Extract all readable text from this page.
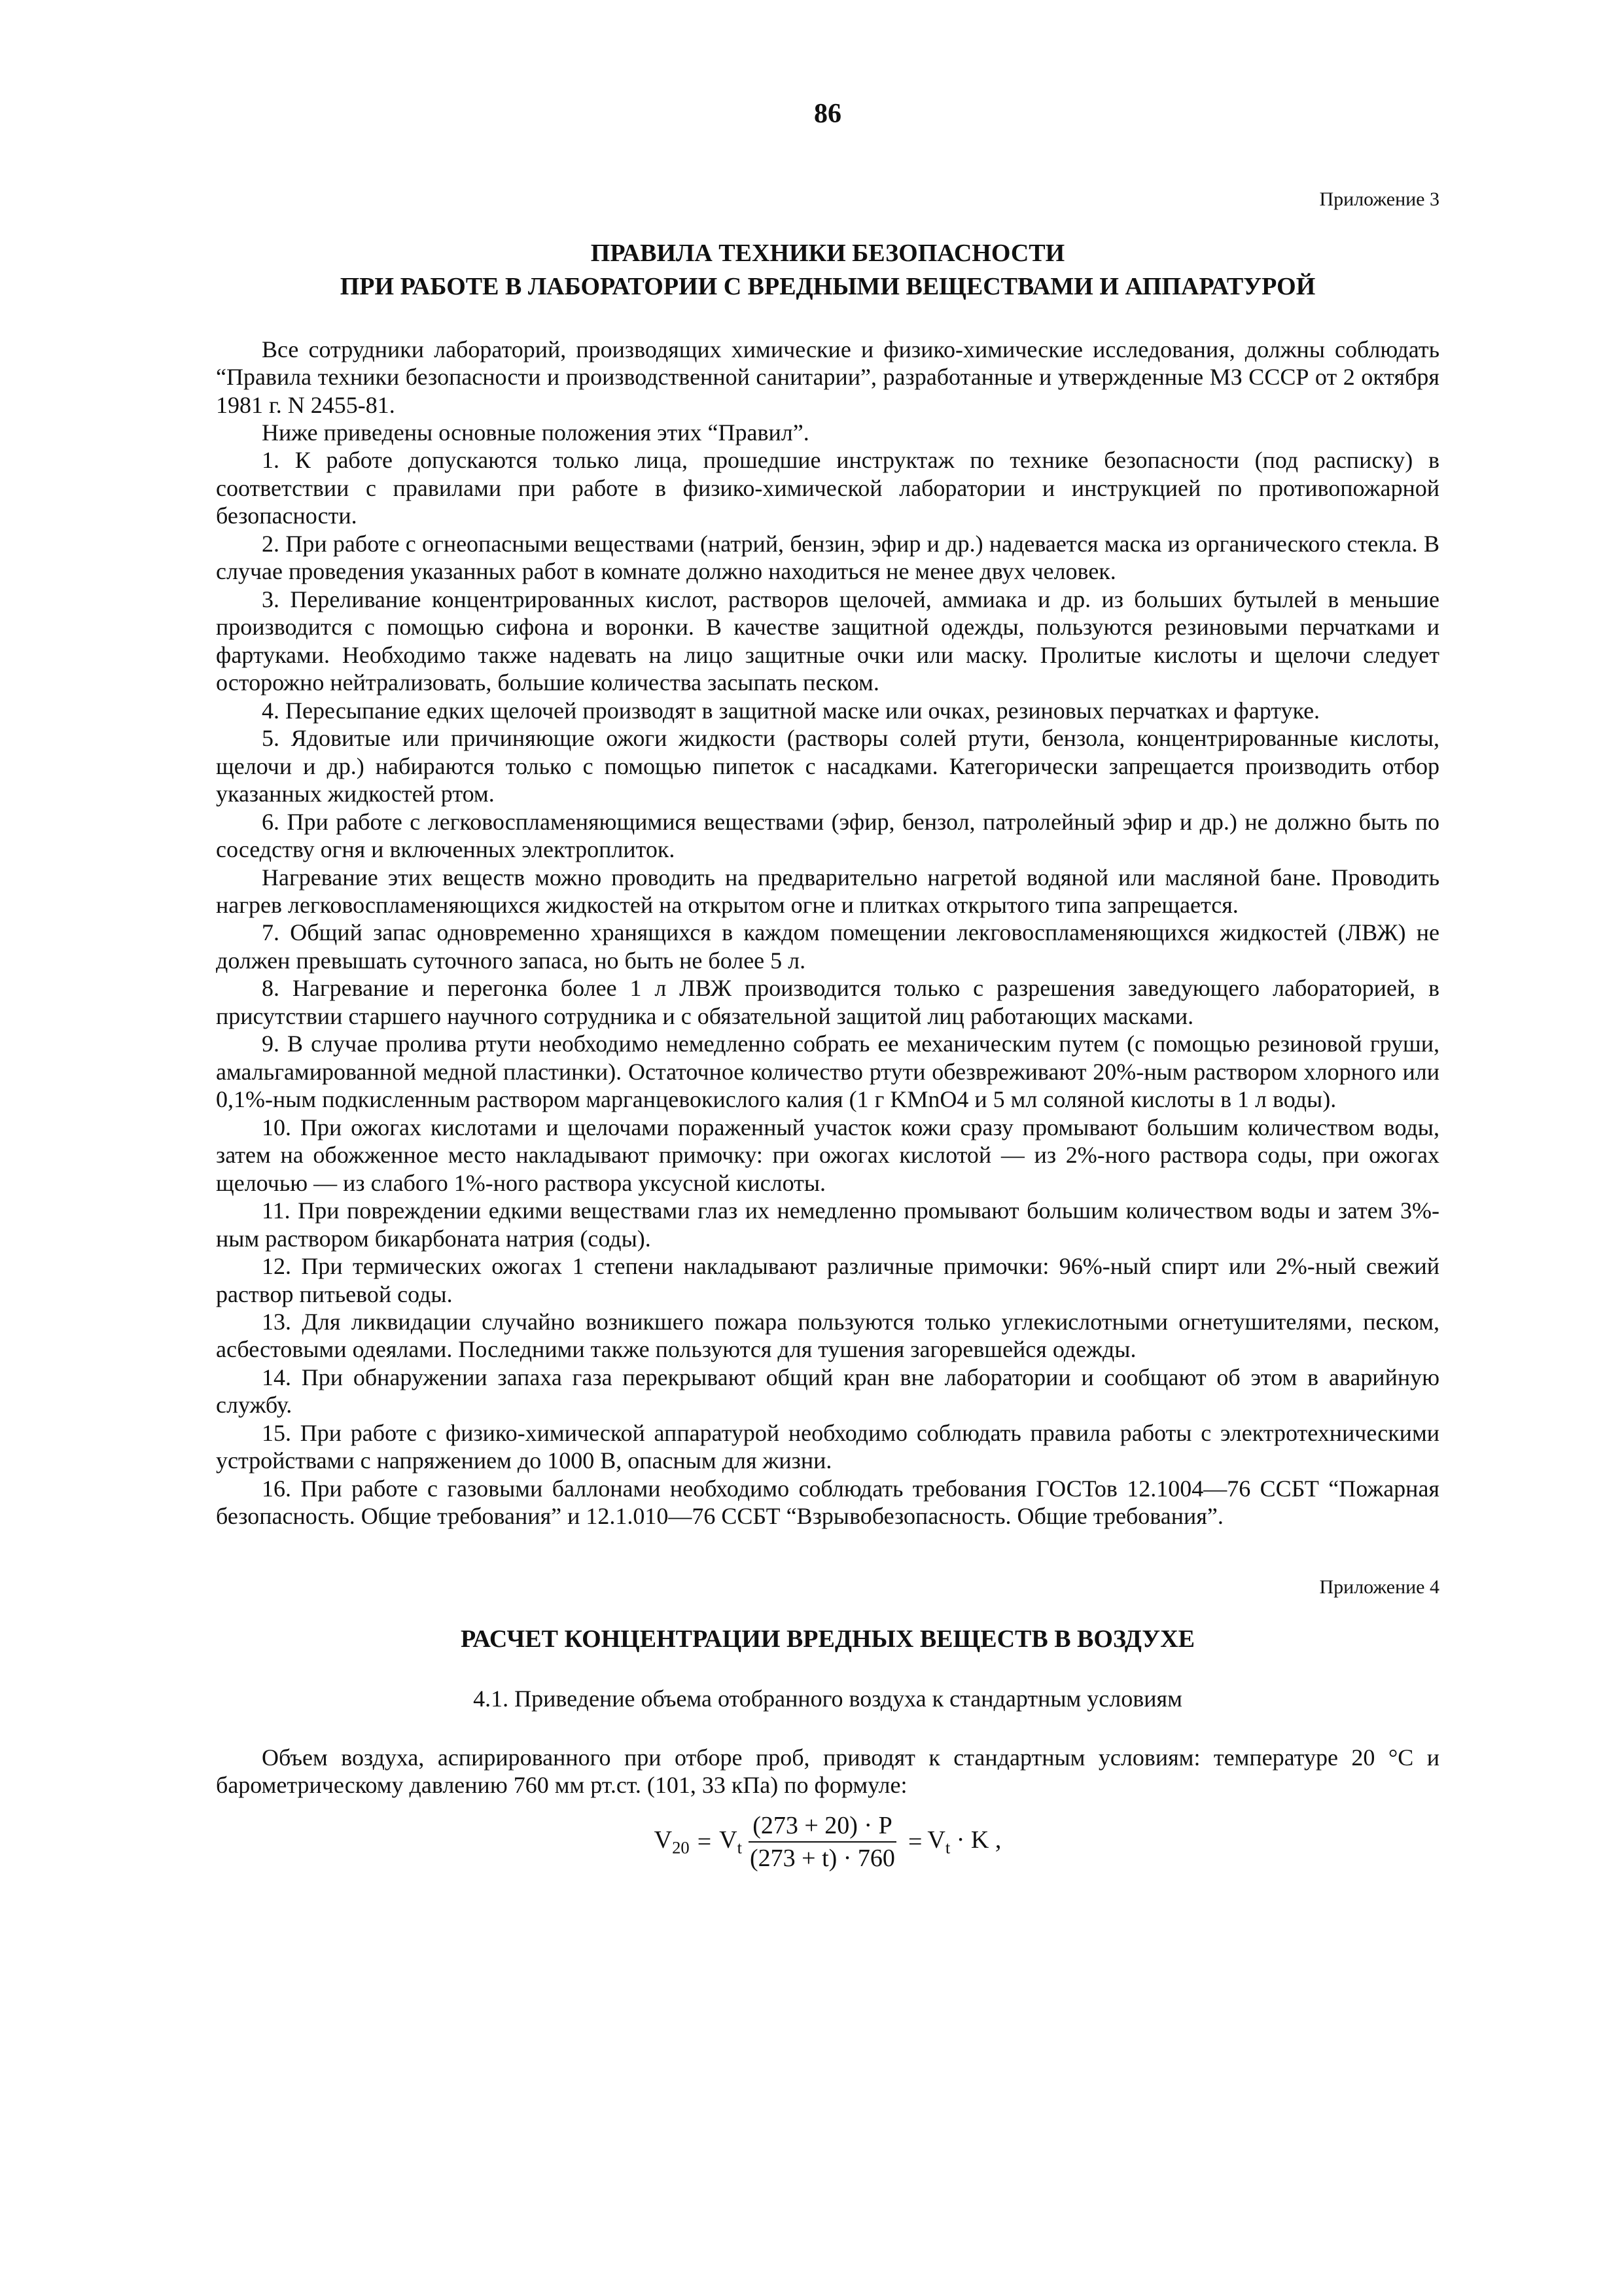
86
Приложение 3

ПРАВИЛА ТЕХНИКИ БЕЗОПАСНОСТИ

ПРИ РАБОТЕ В ЛАБОРАТОРИИ С ВРЕДНЫМИ ВЕЩЕСТВАМИ И АППАРАТУРОЙ

Все сотрудники лабораторий, производящих химические и физико-химические исследования, должны соблюдать “Правила техники безопасности и производственной санитарии”, разработанные и утвержденные МЗ СССР от 2 октября 1981 г. N 2455-81.

Ниже приведены основные положения этих “Правил”.

1. К работе допускаются только лица, прошедшие инструктаж по технике безопасности (под расписку) в соответствии с правилами при работе в физико-химической лаборатории и инструкцией по противопожарной безопасности.

2. При работе с огнеопасными веществами (натрий, бензин, эфир и др.) надевается маска из органического стекла. В случае проведения указанных работ в комнате должно находиться не менее двух человек.

3. Переливание концентрированных кислот, растворов щелочей, аммиака и др. из больших бутылей в меньшие производится с помощью сифона и воронки. В качестве защитной одежды, пользуются резиновыми перчатками и фартуками. Необходимо также надевать на лицо защитные очки или маску. Пролитые кислоты и щелочи следует осторожно нейтрализовать, большие количества засыпать песком.

4. Пересыпание едких щелочей производят в защитной маске или очках, резиновых перчатках и фартуке.

5. Ядовитые или причиняющие ожоги жидкости (растворы солей ртути, бензола, концентрированные кислоты, щелочи и др.) набираются только с помощью пипеток с насадками. Категорически запрещается производить отбор указанных жидкостей ртом.

6. При работе с легковоспламеняющимися веществами (эфир, бензол, патролейный эфир и др.) не должно быть по соседству огня и включенных электроплиток.

Нагревание этих веществ можно проводить на предварительно нагретой водяной или масляной бане. Проводить нагрев легковоспламеняющихся жидкостей на открытом огне и плитках открытого типа запрещается.

7. Общий запас одновременно хранящихся в каждом помещении лекговоспламеняющихся жидкостей (ЛВЖ) не должен превышать суточного запаса, но быть не более 5 л.

8. Нагревание и перегонка более 1 л ЛВЖ производится только с разрешения заведующего лабораторией, в присутствии старшего научного сотрудника и с обязательной защитой лиц работающих масками.

9. В случае пролива ртути необходимо немедленно собрать ее механическим путем (с помощью резиновой груши, амальгамированной медной пластинки). Остаточное количество ртути обезвреживают 20%-ным раствором хлорного или 0,1%-ным подкисленным раствором марганцевокислого калия (1 г KMnO4 и 5 мл соляной кислоты в 1 л воды).

10. При ожогах кислотами и щелочами пораженный участок кожи сразу промывают большим количеством воды, затем на обожженное место накладывают примочку: при ожогах кислотой — из 2%-ного раствора соды, при ожогах щелочью — из слабого 1%-ного раствора уксусной кислоты.

11. При повреждении едкими веществами глаз их немедленно промывают большим количеством воды и затем 3%-ным раствором бикарбоната натрия (соды).

12. При термических ожогах 1 степени накладывают различные примочки: 96%-ный спирт или 2%-ный свежий раствор питьевой соды.

13. Для ликвидации случайно возникшего пожара пользуются только углекислотными огнетушителями, песком, асбестовыми одеялами. Последними также пользуются для тушения загоревшейся одежды.

14. При обнаружении запаха газа перекрывают общий кран вне лаборатории и сообщают об этом в аварийную службу.

15. При работе с физико-химической аппаратурой необходимо соблюдать правила работы с электротехническими устройствами с напряжением до 1000 В, опасным для жизни.

16. При работе с газовыми баллонами необходимо соблюдать требования ГОСТов 12.1004—76 ССБТ “Пожарная безопасность. Общие требования” и 12.1.010—76 ССБТ “Взрывобезопасность. Общие требования”.

Приложение 4

РАСЧЕТ КОНЦЕНТРАЦИИ ВРЕДНЫХ ВЕЩЕСТВ В ВОЗДУХЕ

4.1. Приведение объема отобранного воздуха к стандартным условиям

Объем воздуха, аспирированного при отборе проб, приводят к стандартным условиям: температуре 20 °С и барометрическому давлению 760 мм рт.ст. (101, 33 кПа) по формуле:

$V_{20} = V_t \frac{(273 + 20) \cdot P}{(273 + t) \cdot 760} = V_t \cdot K$ ,
